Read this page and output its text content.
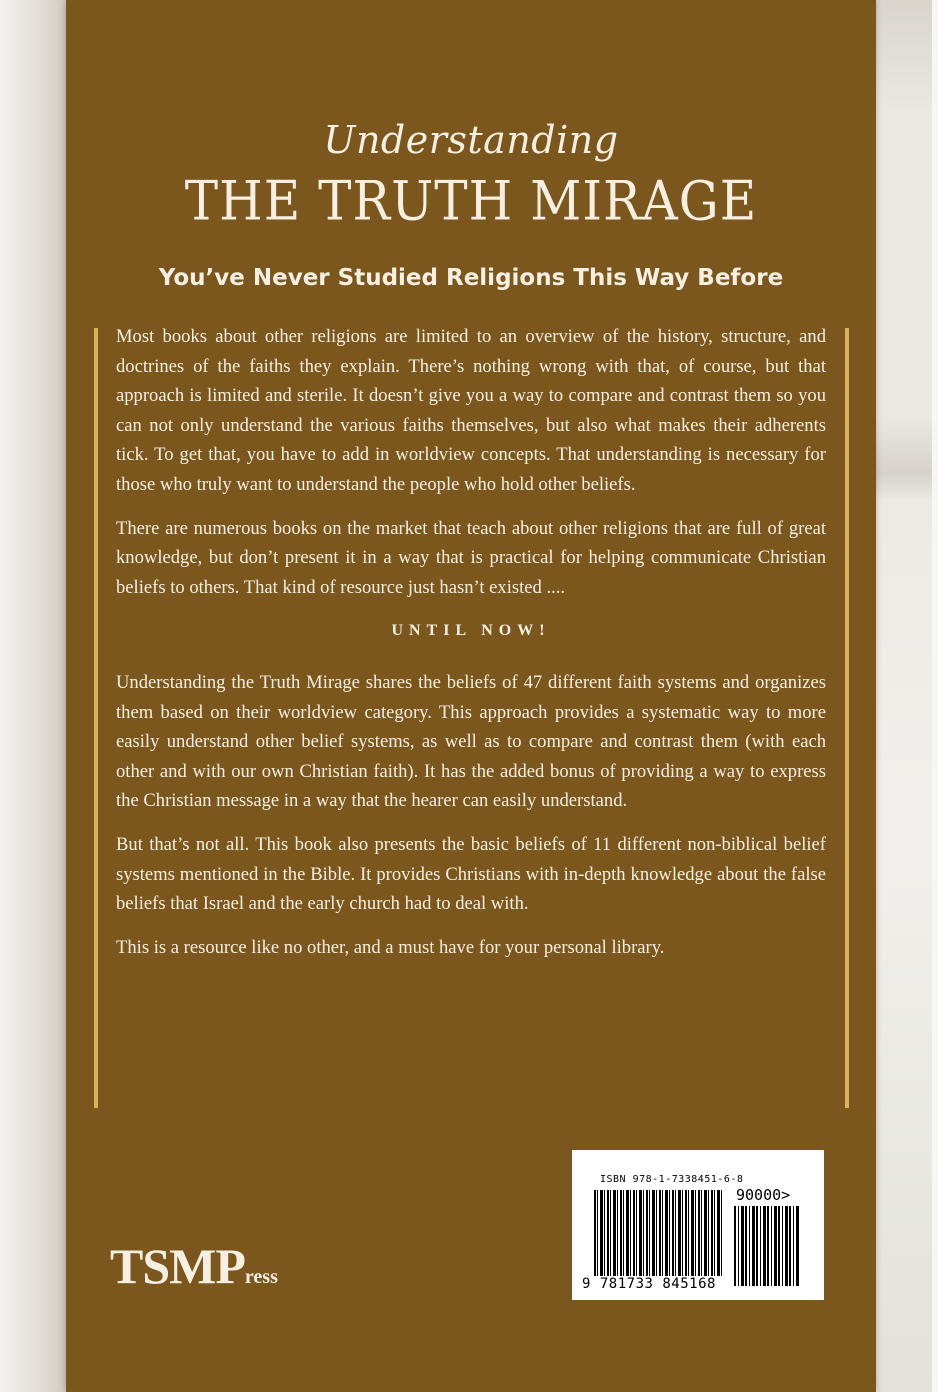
Understanding
THE TRUTH MIRAGE
You’ve Never Studied Religions This Way Before

Most books about other religions are limited to an overview of the history, structure, and doctrines of the faiths they explain. There’s nothing wrong with that, of course, but that approach is limited and sterile. It doesn’t give you a way to compare and contrast them so you can not only understand the various faiths themselves, but also what makes their adherents tick. To get that, you have to add in worldview concepts. That understanding is necessary for those who truly want to understand the people who hold other beliefs.

There are numerous books on the market that teach about other religions that are full of great knowledge, but don’t present it in a way that is practical for helping communicate Christian beliefs to others. That kind of resource just hasn’t existed ....

UNTIL NOW!

Understanding the Truth Mirage shares the beliefs of 47 different faith systems and organizes them based on their worldview category. This approach provides a systematic way to more easily understand other belief systems, as well as to compare and contrast them (with each other and with our own Christian faith). It has the added bonus of providing a way to express the Christian message in a way that the hearer can easily understand.

But that’s not all. This book also presents the basic beliefs of 11 different non-biblical belief systems mentioned in the Bible. It provides Christians with in-depth knowledge about the false beliefs that Israel and the early church had to deal with.

This is a resource like no other, and a must have for your personal library.

ISBN 978-1-7338451-6-8
90000>
9 781733 845168
TSMPress
